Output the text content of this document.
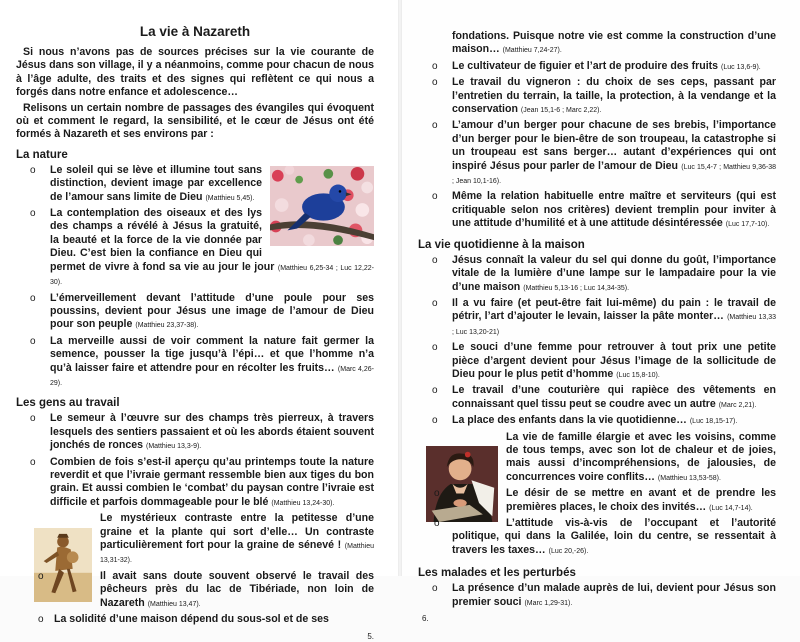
La vie à Nazareth

Si nous n’avons pas de sources précises sur la vie courante de Jésus dans son village, il y a néanmoins, comme pour chacun de nous à l’âge adulte, des traits et des signes qui reflètent ce qui nous a forgés dans notre enfance et adolescence…

Relisons un certain nombre de passages des évangiles qui évoquent où et comment le regard, la sensibilité, et le cœur de Jésus ont été formés à Nazareth et ses environs par :

La nature
o Le soleil qui se lève et illumine tout sans distinction, devient image par excellence de l’amour sans limite de Dieu (Matthieu 5,45).
o La contemplation des oiseaux et des lys des champs a révélé à Jésus la gratuité, la beauté et la force de la vie donnée par Dieu. C’est bien la confiance en Dieu qui permet de vivre à fond sa vie au jour le jour (Matthieu 6,25-34 ; Luc 12,22-30).
o L’émerveillement devant l’attitude d’une poule pour ses poussins, devient pour Jésus une image de l’amour de Dieu pour son peuple (Matthieu 23,37-38).
o La merveille aussi de voir comment la nature fait germer la semence, pousser la tige jusqu’à l’épi… et que l’homme n’a qu’à laisser faire et attendre pour en récolter les fruits… (Marc 4,26-29).
Les gens au travail
o Le semeur à l’œuvre sur des champs très pierreux, à travers lesquels des sentiers passaient et où les abords étaient souvent jonchés de ronces (Matthieu 13,3-9).
o Combien de fois s’est-il aperçu qu’au printemps toute la nature reverdit et que l’ivraie germant ressemble bien aux tiges du bon grain. Et aussi combien le ‘combat’ du paysan contre l’ivraie est difficile et parfois dommageable pour le blé (Matthieu 13,24-30).
Le mystérieux contraste entre la petitesse d’une graine et la plante qui sort d’elle… Un contraste particulièrement fort pour la graine de sénevé ! (Matthieu 13,31-32).
o	Il avait sans doute souvent observé le travail des pêcheurs près du lac de Tibériade, non loin de Nazareth (Matthieu 13,47).
o La solidité d’une maison dépend du sous-sol et de ses
5.
fondations. Puisque notre vie est comme la construction d’une maison… (Matthieu 7,24-27).
o Le cultivateur de figuier et l’art de produire des fruits (Luc 13,6-9).
o Le travail du vigneron : du choix de ses ceps, passant par l’entretien du terrain, la taille, la protection, à la vendange et la conservation (Jean 15,1-6 ; Marc 2,22).
o L’amour d’un berger pour chacune de ses brebis, l’importance d’un berger pour le bien-être de son troupeau, la catastrophe si un troupeau est sans berger… autant d’expériences qui ont inspiré Jésus pour parler de l’amour de Dieu (Luc 15,4-7 ; Matthieu 9,36-38 ; Jean 10,1-16).
o Même la relation habituelle entre maître et serviteurs (qui est critiquable selon nos critères) devient tremplin pour inviter à une attitude d’humilité et à une attitude désintéressée (Luc 17,7-10).
La vie quotidienne à la maison
o Jésus connaît la valeur du sel qui donne du goût, l’importance vitale de la lumière d’une lampe sur le lampadaire pour la vie d’une maison (Matthieu 5,13-16 ; Luc 14,34-35).
o Il a vu faire (et peut-être fait lui-même) du pain : le travail de pétrir, l’art d’ajouter le levain, laisser la pâte monter… (Matthieu 13,33 ; Luc 13,20-21)
o Le souci d’une femme pour retrouver à tout prix une petite pièce d’argent devient pour Jésus l’image de la sollicitude de Dieu pour le plus petit d’homme (Luc 15,8-10).
o Le travail d’une couturière qui rapièce des vêtements en connaissant quel tissu peut se coudre avec un autre (Marc 2,21).
o La place des enfants dans la vie quotidienne… (Luc 18,15-17).
La vie de famille élargie et avec les voisins, comme de tous temps, avec son lot de chaleur et de joies, mais aussi d’incompréhensions, de jalousies, de concurrences voire conflits… (Matthieu 13,53-58).
o	Le désir de se mettre en avant et de prendre les premières places, le choix des invités… (Luc 14,7-14).
o	L’attitude vis-à-vis de l’occupant et l’autorité politique, qui dans la Galilée, loin du centre, se ressentait à travers les taxes… (Luc 20,-26).
Les malades et les perturbés
o La présence d’un malade auprès de lui, devient pour Jésus son premier souci (Marc 1,29-31).
6.
